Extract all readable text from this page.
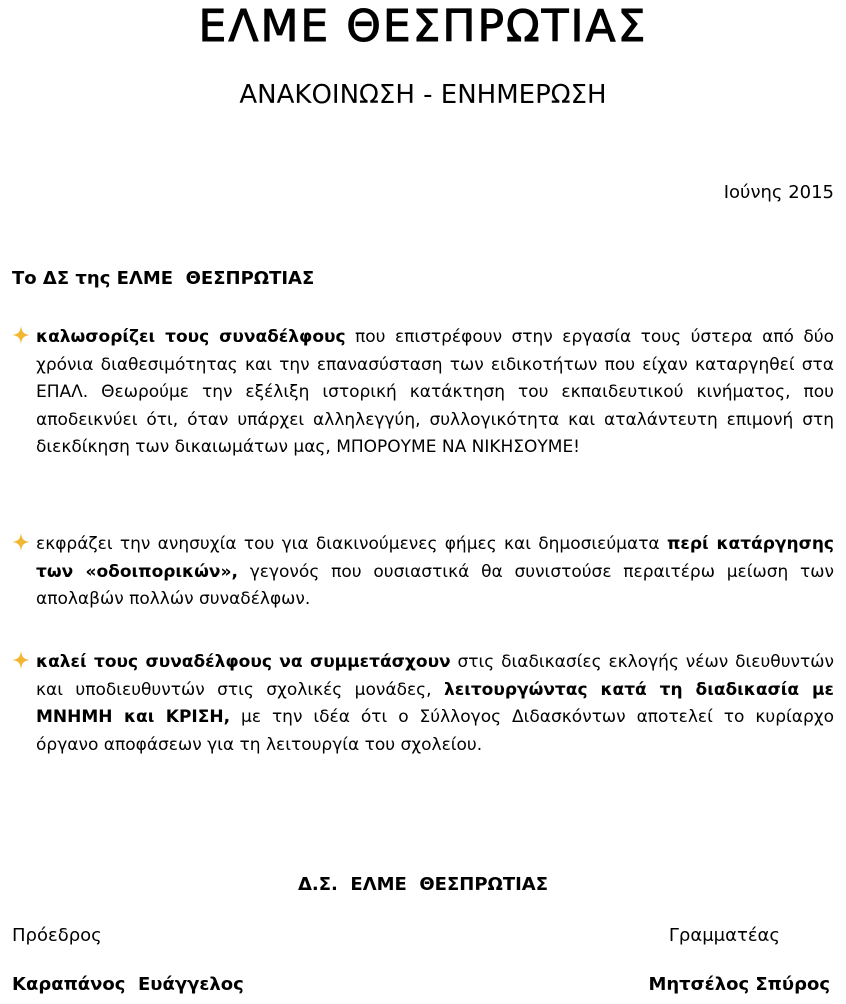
ΕΛΜΕ ΘΕΣΠΡΩΤΙΑΣ
ΑΝΑΚΟΙΝΩΣΗ - ΕΝΗΜΕΡΩΣΗ
Ιούνης 2015
Το ΔΣ της ΕΛΜΕ  ΘΕΣΠΡΩΤΙΑΣ
καλωσορίζει τους συναδέλφους που επιστρέφουν στην εργασία τους ύστερα από δύο χρόνια διαθεσιμότητας και την επανασύσταση των ειδικοτήτων που είχαν καταργηθεί στα ΕΠΑΛ. Θεωρούμε την εξέλιξη ιστορική κατάκτηση του εκπαιδευτικού κινήματος, που αποδεικνύει ότι, όταν υπάρχει αλληλεγγύη, συλλογικότητα και αταλάντευτη επιμονή στη διεκδίκηση των δικαιωμάτων μας, ΜΠΟΡΟΥΜΕ ΝΑ ΝΙΚΗΣΟΥΜΕ!
εκφράζει την ανησυχία του για διακινούμενες φήμες και δημοσιεύματα περί κατάργησης των «οδοιπορικών», γεγονός που ουσιαστικά θα συνιστούσε περαιτέρω μείωση των απολαβών πολλών συναδέλφων.
καλεί τους συναδέλφους να συμμετάσχουν στις διαδικασίες εκλογής νέων διευθυντών και υποδιευθυντών στις σχολικές μονάδες, λειτουργώντας κατά τη διαδικασία με ΜΝΗΜΗ και ΚΡΙΣΗ, με την ιδέα ότι ο Σύλλογος Διδασκόντων αποτελεί το κυρίαρχο όργανο αποφάσεων για τη λειτουργία του σχολείου.
Δ.Σ.  ΕΛΜΕ  ΘΕΣΠΡΩΤΙΑΣ
Πρόεδρος	Γραμματέας
Καραπάνος  Ευάγγελος	Μητσέλος Σπύρος
